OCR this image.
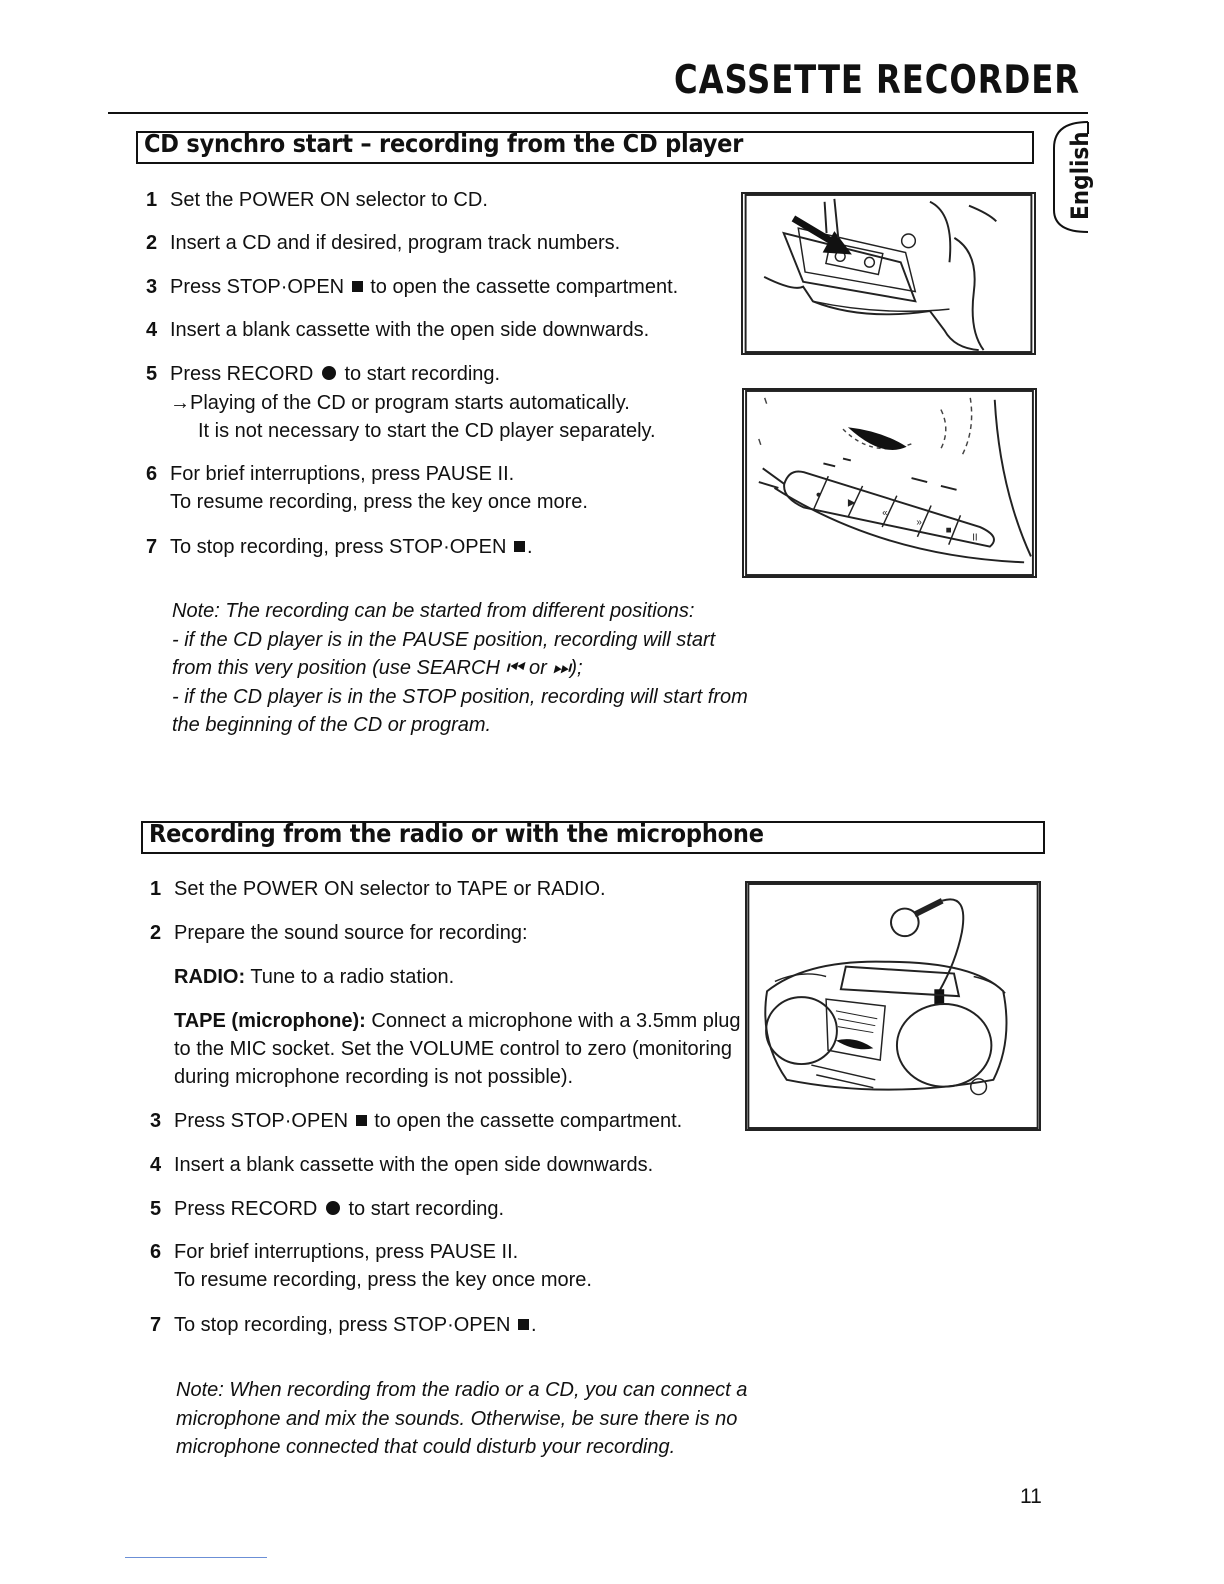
CASSETTE RECORDER
English
CD synchro start – recording from the CD player
1 Set the POWER ON selector to CD.
2 Insert a CD and if desired, program track numbers.
3 Press STOP·OPEN to open the cassette compartment.
4 Insert a blank cassette with the open side downwards.
5 Press RECORD to start recording.
→Playing of the CD or program starts automatically.
It is not necessary to start the CD player separately.
6 For brief interruptions, press PAUSE II.
To resume recording, press the key once more.
7 To stop recording, press STOP·OPEN .
Note: The recording can be started from different positions:
- if the CD player is in the PAUSE position, recording will start
from this very position (use SEARCH ⏮ or ⏭);
- if the CD player is in the STOP position, recording will start from
the beginning of the CD or program.
●
▶
«
»
■
II
Recording from the radio or with the microphone
1 Set the POWER ON selector to TAPE or RADIO.
2 Prepare the sound source for recording:
RADIO: Tune to a radio station.
TAPE (microphone): Connect a microphone with a 3.5mm plug
to the MIC socket. Set the VOLUME control to zero (monitoring
during microphone recording is not possible).
3 Press STOP·OPEN to open the cassette compartment.
4 Insert a blank cassette with the open side downwards.
5 Press RECORD to start recording.
6 For brief interruptions, press PAUSE II.
To resume recording, press the key once more.
7 To stop recording, press STOP·OPEN .
Note: When recording from the radio or a CD, you can connect a
microphone and mix the sounds. Otherwise, be sure there is no
microphone connected that could disturb your recording.
11
